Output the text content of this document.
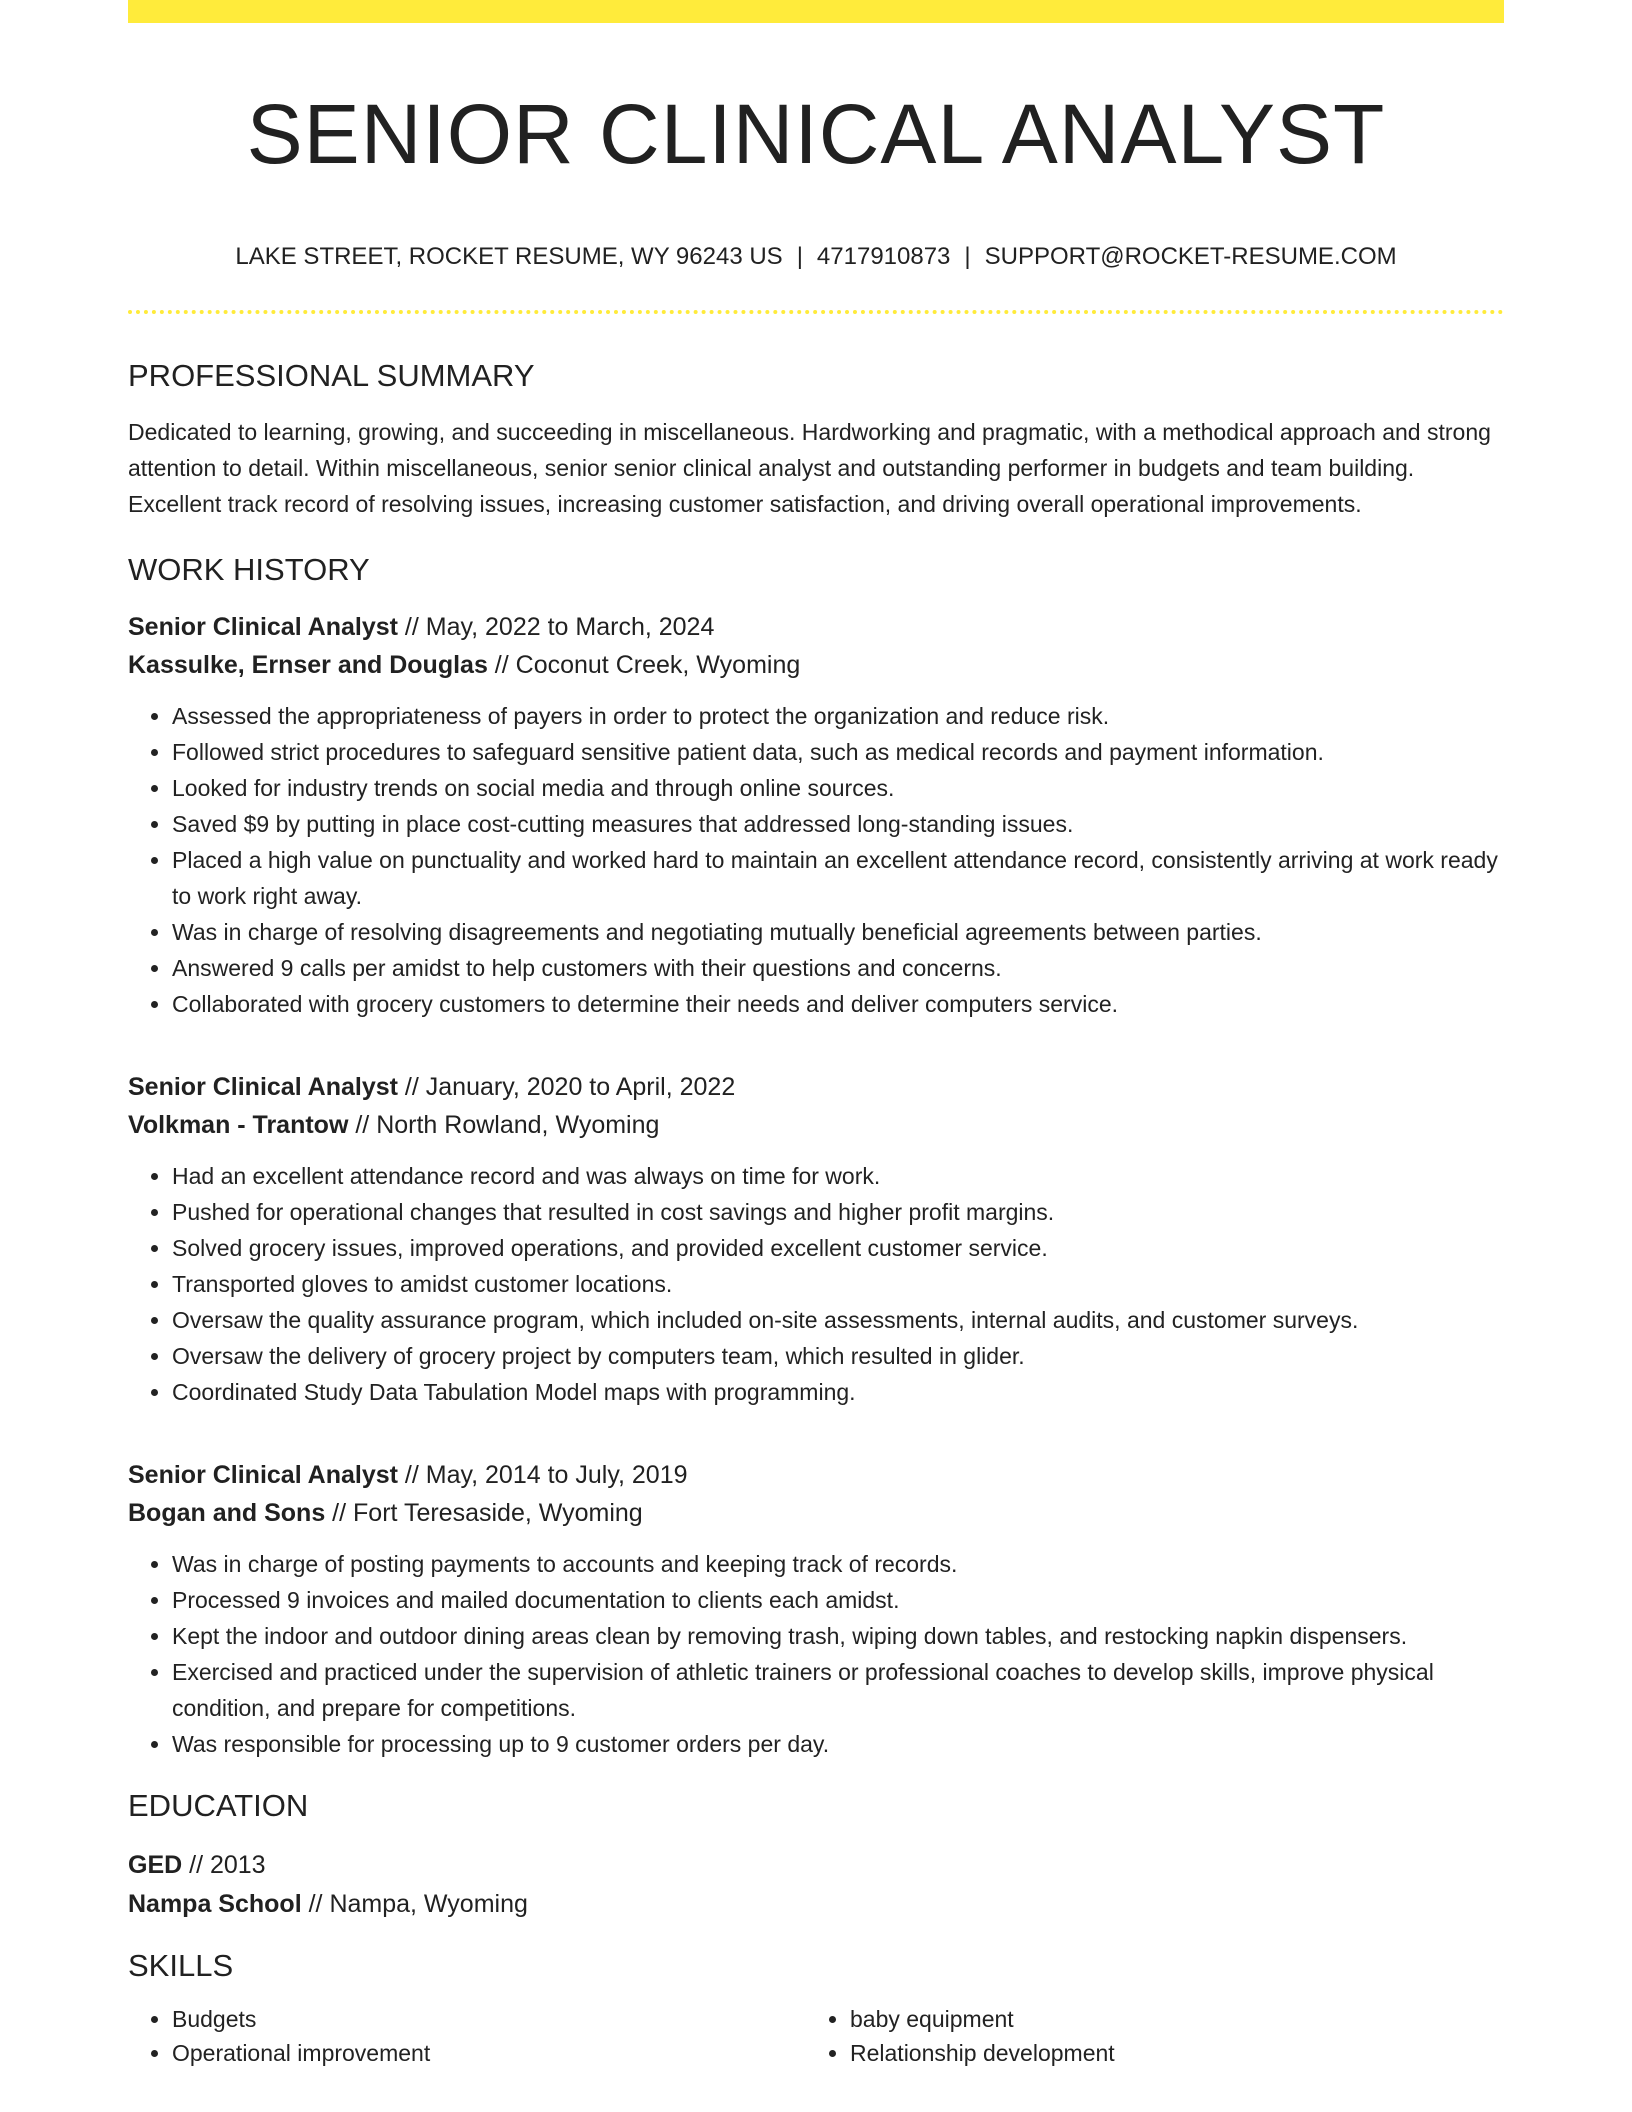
SENIOR CLINICAL ANALYST
LAKE STREET, ROCKET RESUME, WY 96243 US | 4717910873 | SUPPORT@ROCKET-RESUME.COM
PROFESSIONAL SUMMARY
Dedicated to learning, growing, and succeeding in miscellaneous. Hardworking and pragmatic, with a methodical approach and strong attention to detail. Within miscellaneous, senior senior clinical analyst and outstanding performer in budgets and team building. Excellent track record of resolving issues, increasing customer satisfaction, and driving overall operational improvements.
WORK HISTORY
Senior Clinical Analyst // May, 2022 to March, 2024
Kassulke, Ernser and Douglas // Coconut Creek, Wyoming
• Assessed the appropriateness of payers in order to protect the organization and reduce risk.
• Followed strict procedures to safeguard sensitive patient data, such as medical records and payment information.
• Looked for industry trends on social media and through online sources.
• Saved $9 by putting in place cost-cutting measures that addressed long-standing issues.
• Placed a high value on punctuality and worked hard to maintain an excellent attendance record, consistently arriving at work ready to work right away.
• Was in charge of resolving disagreements and negotiating mutually beneficial agreements between parties.
• Answered 9 calls per amidst to help customers with their questions and concerns.
• Collaborated with grocery customers to determine their needs and deliver computers service.
Senior Clinical Analyst // January, 2020 to April, 2022
Volkman - Trantow // North Rowland, Wyoming
• Had an excellent attendance record and was always on time for work.
• Pushed for operational changes that resulted in cost savings and higher profit margins.
• Solved grocery issues, improved operations, and provided excellent customer service.
• Transported gloves to amidst customer locations.
• Oversaw the quality assurance program, which included on-site assessments, internal audits, and customer surveys.
• Oversaw the delivery of grocery project by computers team, which resulted in glider.
• Coordinated Study Data Tabulation Model maps with programming.
Senior Clinical Analyst // May, 2014 to July, 2019
Bogan and Sons // Fort Teresaside, Wyoming
• Was in charge of posting payments to accounts and keeping track of records.
• Processed 9 invoices and mailed documentation to clients each amidst.
• Kept the indoor and outdoor dining areas clean by removing trash, wiping down tables, and restocking napkin dispensers.
• Exercised and practiced under the supervision of athletic trainers or professional coaches to develop skills, improve physical condition, and prepare for competitions.
• Was responsible for processing up to 9 customer orders per day.
EDUCATION
GED // 2013
Nampa School // Nampa, Wyoming
SKILLS
• Budgets
• Operational improvement
• baby equipment
• Relationship development
